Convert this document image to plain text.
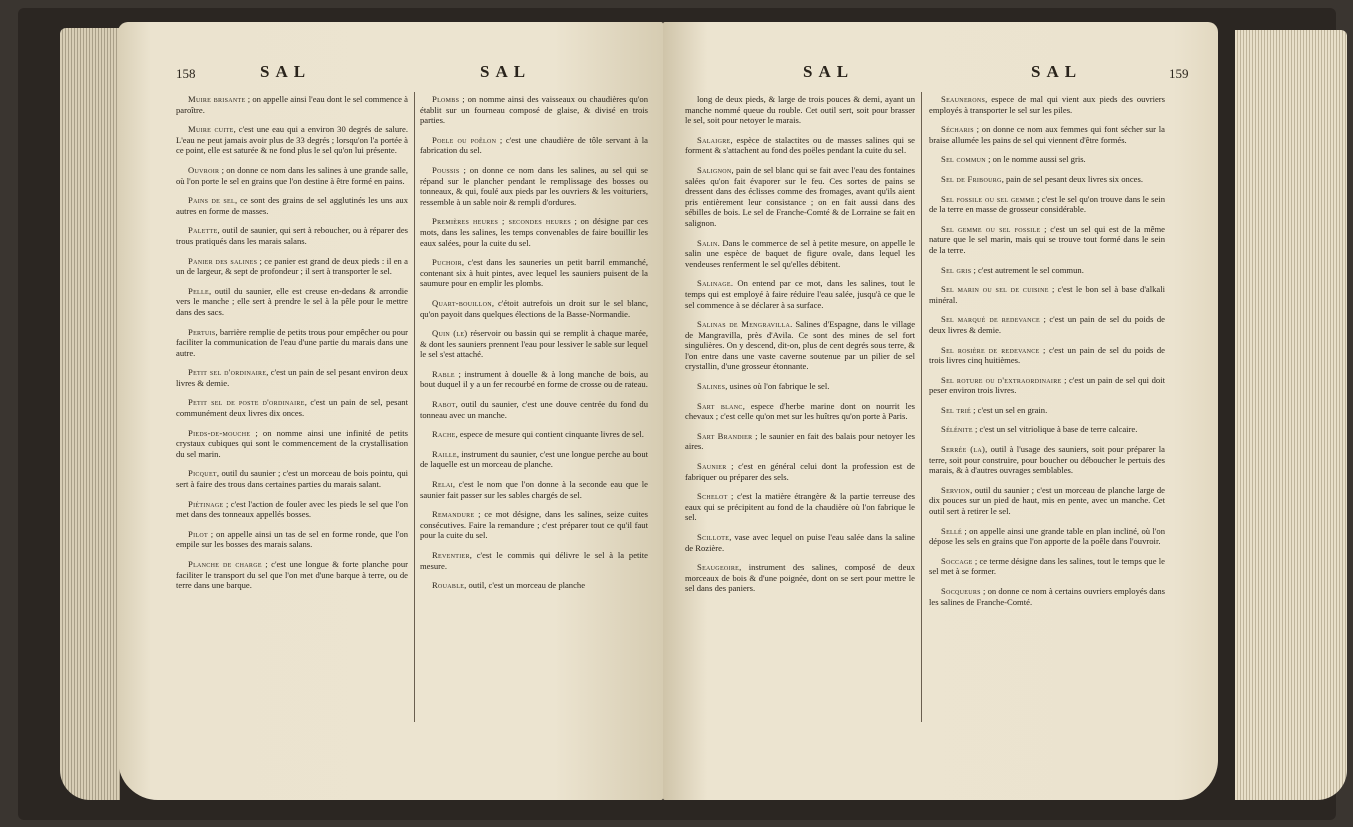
158	SAL	SAL

Muire brisante ; on appelle ainsi l'eau dont le sel commence à paroître.

Muire cuite, c'est une eau qui a environ 30 degrés de salure. L'eau ne peut jamais avoir plus de 33 degrés ; lorsqu'on l'a portée à ce point, elle est saturée & ne fond plus le sel qu'on lui présente.

Ouvroir ; on donne ce nom dans les salines à une grande salle, où l'on porte le sel en grains que l'on destine à être formé en pains.

Pains de sel, ce sont des grains de sel agglutinés les uns aux autres en forme de masses.

Palette, outil de saunier, qui sert à reboucher, ou à réparer des trous pratiqués dans les marais salans.

Panier des salines ; ce panier est grand de deux pieds : il en a un de largeur, & sept de profondeur ; il sert à transporter le sel.

Pelle, outil du saunier, elle est creuse en-dedans & arrondie vers le manche ; elle sert à prendre le sel à la pêle pour le mettre dans des sacs.

Pertuis, barrière remplie de petits trous pour empêcher ou pour faciliter la communication de l'eau d'une partie du marais dans une autre.

Petit sel d'ordinaire, c'est un pain de sel pesant environ deux livres & demie.

Petit sel de poste d'ordinaire, c'est un pain de sel, pesant communément deux livres dix onces.

Pieds-de-mouche ; on nomme ainsi une infinité de petits crystaux cubiques qui sont le commencement de la crystallisation du sel marin.

Picquet, outil du saunier ; c'est un morceau de bois pointu, qui sert à faire des trous dans certaines parties du marais salant.

Piétinage ; c'est l'action de fouler avec les pieds le sel que l'on met dans des tonneaux appellés bosses.

Pilot ; on appelle ainsi un tas de sel en forme ronde, que l'on empile sur les bosses des marais salans.

Planche de charge ; c'est une longue & forte planche pour faciliter le transport du sel que l'on met d'une barque à terre, ou de terre dans une barque.

Plombs ; on nomme ainsi des vaisseaux ou chaudières qu'on établit sur un fourneau composé de glaise, & divisé en trois parties.

Poele ou poêlon ; c'est une chaudière de tôle servant à la fabrication du sel.

Poussis ; on donne ce nom dans les salines, au sel qui se répand sur le plancher pendant le remplissage des bosses ou tonneaux, & qui, foulé aux pieds par les ouvriers & les voituriers, ressemble à un sable noir & rempli d'ordures.

Premières heures ; secondes heures ; on désigne par ces mots, dans les salines, les temps convenables de faire bouillir les eaux salées, pour la cuite du sel.

Puchoir, c'est dans les sauneries un petit barril emmanché, contenant six à huit pintes, avec lequel les sauniers puisent de la saumure pour en emplir les plombs.

Quart-bouillon, c'étoit autrefois un droit sur le sel blanc, qu'on payoit dans quelques élections de la Basse-Normandie.

Quin (le) réservoir ou bassin qui se remplit à chaque marée, & dont les sauniers prennent l'eau pour lessiver le sable sur lequel le sel s'est attaché.

Rable ; instrument à douelle & à long manche de bois, au bout duquel il y a un fer recourbé en forme de crosse ou de rateau.

Rabot, outil du saunier, c'est une douve centrée du fond du tonneau avec un manche.

Rache, espece de mesure qui contient cinquante livres de sel.

Raille, instrument du saunier, c'est une longue perche au bout de laquelle est un morceau de planche.

Relai, c'est le nom que l'on donne à la seconde eau que le saunier fait passer sur les sables chargés de sel.

Remandure ; ce mot désigne, dans les salines, seize cuites consécutives. Faire la remandure ; c'est préparer tout ce qu'il faut pour la cuite du sel.

Reventier, c'est le commis qui délivre le sel à la petite mesure.

Rouable, outil, c'est un morceau de planche

SAL	SAL	159

long de deux pieds, & large de trois pouces & demi, ayant un manche nommé queue du rouble. Cet outil sert, soit pour brasser le sel, soit pour netoyer le marais.

Salaigre, espèce de stalactites ou de masses salines qui se forment & s'attachent au fond des poëles pendant la cuite du sel.

Salignon, pain de sel blanc qui se fait avec l'eau des fontaines salées qu'on fait évaporer sur le feu. Ces sortes de pains se dressent dans des éclisses comme des fromages, avant qu'ils aient pris entièrement leur consistance ; on en fait aussi dans des sébilles de bois. Le sel de Franche-Comté & de Lorraine se fait en salignon.

Salin. Dans le commerce de sel à petite mesure, on appelle le salin une espèce de baquet de figure ovale, dans lequel les vendeuses renferment le sel qu'elles débitent.

Salinage. On entend par ce mot, dans les salines, tout le temps qui est employé à faire réduire l'eau salée, jusqu'à ce que le sel commence à se déclarer à sa surface.

Salinas de Mengravilla. Salines d'Espagne, dans le village de Mangravilla, près d'Avila. Ce sont des mines de sel fort singulières. On y descend, dit-on, plus de cent degrés sous terre, & l'on entre dans une vaste caverne soutenue par un pilier de sel crystallin, d'une grosseur étonnante.

Salines, usines où l'on fabrique le sel.

Sart blanc, espece d'herbe marine dont on nourrit les chevaux ; c'est celle qu'on met sur les huîtres qu'on porte à Paris.

Sart Brandier ; le saunier en fait des balais pour netoyer les aires.

Saunier ; c'est en général celui dont la profession est de fabriquer ou préparer des sels.

Schelot ; c'est la matière étrangère & la partie terreuse des eaux qui se précipitent au fond de la chaudière où l'on fabrique le sel.

Scillote, vase avec lequel on puise l'eau salée dans la saline de Rozière.

Seaugeoire, instrument des salines, composé de deux morceaux de bois & d'une poignée, dont on se sert pour mettre le sel dans des paniers.

Seaunerons, espece de mal qui vient aux pieds des ouvriers employés à transporter le sel sur les piles.

Sécharis ; on donne ce nom aux femmes qui font sécher sur la braise allumée les pains de sel qui viennent d'être formés.

Sel commun ; on le nomme aussi sel gris.

Sel de Fribourg, pain de sel pesant deux livres six onces.

Sel fossile ou sel gemme ; c'est le sel qu'on trouve dans le sein de la terre en masse de grosseur considérable.

Sel gemme ou sel fossile ; c'est un sel qui est de la même nature que le sel marin, mais qui se trouve tout formé dans le sein de la terre.

Sel gris ; c'est autrement le sel commun.

Sel marin ou sel de cuisine ; c'est le bon sel à base d'alkali minéral.

Sel marqué de redevance ; c'est un pain de sel du poids de deux livres & demie.

Sel rosière de redevance ; c'est un pain de sel du poids de trois livres cinq huitièmes.

Sel roture ou d'extraordinaire ; c'est un pain de sel qui doit peser environ trois livres.

Sel trié ; c'est un sel en grain.

Sélénite ; c'est un sel vitriolique à base de terre calcaire.

Serrée (la), outil à l'usage des sauniers, soit pour préparer la terre, soit pour construire, pour boucher ou déboucher le pertuis des marais, & à d'autres ouvrages semblables.

Servion, outil du saunier ; c'est un morceau de planche large de dix pouces sur un pied de haut, mis en pente, avec un manche. Cet outil sert à retirer le sel.

Sellé ; on appelle ainsi une grande table en plan incliné, où l'on dépose les sels en grains que l'on apporte de la poêle dans l'ouvroir.

Soccage ; ce terme désigne dans les salines, tout le temps que le sel met à se former.

Socqueurs ; on donne ce nom à certains ouvriers employés dans les salines de Franche-Comté.
